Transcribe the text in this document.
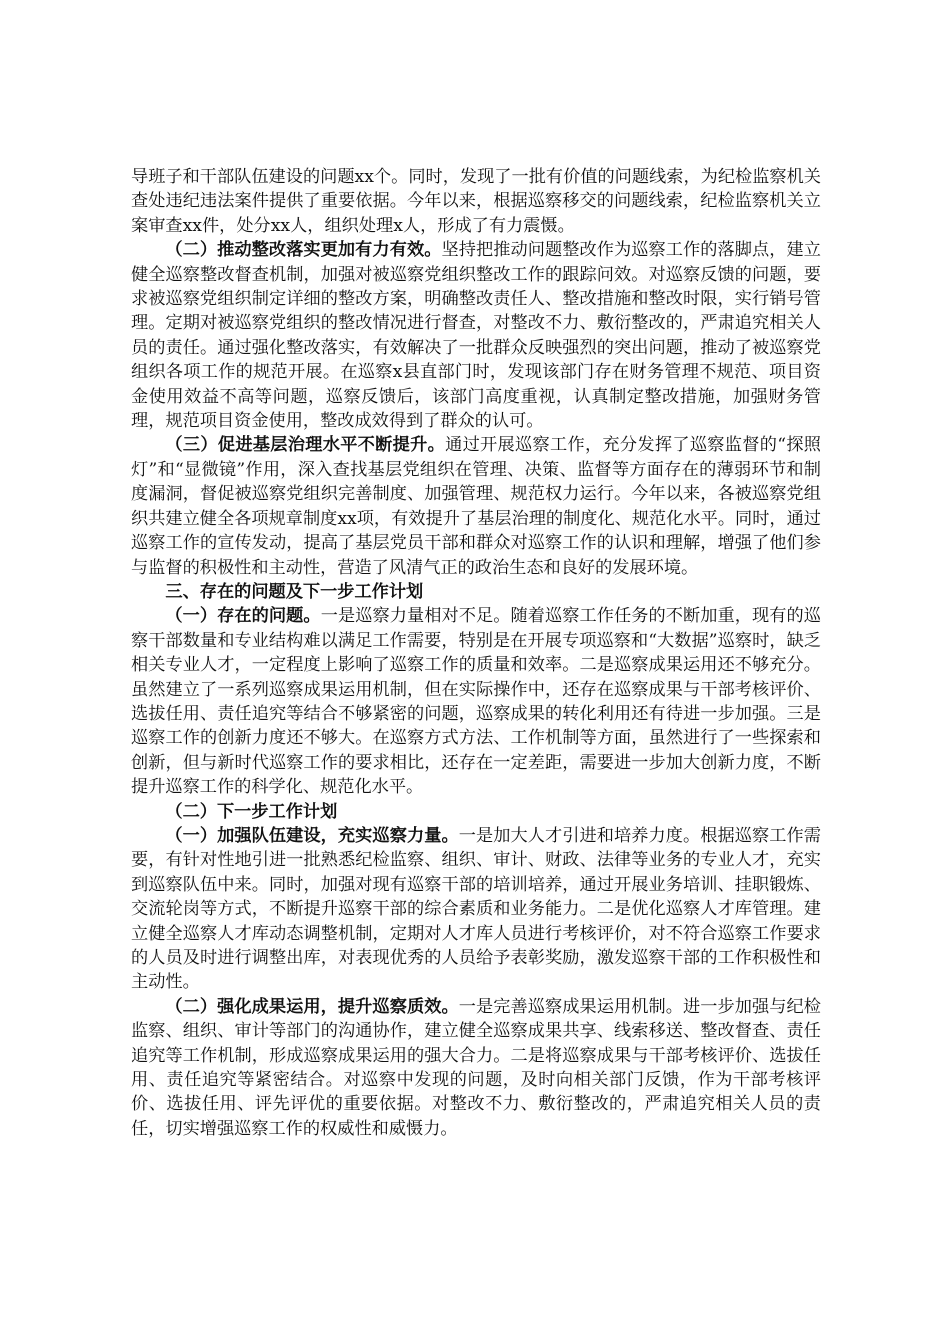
导班子和干部队伍建设的问题xx个。同时，发现了一批有价值的问题线索，为纪检监察机关查处违纪违法案件提供了重要依据。今年以来，根据巡察移交的问题线索，纪检监察机关立案审查xx件，处分xx人，组织处理x人，形成了有力震慑。

（二）推动整改落实更加有力有效。坚持把推动问题整改作为巡察工作的落脚点，建立健全巡察整改督查机制，加强对被巡察党组织整改工作的跟踪问效。对巡察反馈的问题，要求被巡察党组织制定详细的整改方案，明确整改责任人、整改措施和整改时限，实行销号管理。定期对被巡察党组织的整改情况进行督查，对整改不力、敷衍整改的，严肃追究相关人员的责任。通过强化整改落实，有效解决了一批群众反映强烈的突出问题，推动了被巡察党组织各项工作的规范开展。在巡察x县直部门时，发现该部门存在财务管理不规范、项目资金使用效益不高等问题，巡察反馈后，该部门高度重视，认真制定整改措施，加强财务管理，规范项目资金使用，整改成效得到了群众的认可。

（三）促进基层治理水平不断提升。通过开展巡察工作，充分发挥了巡察监督的“探照灯”和“显微镜”作用，深入查找基层党组织在管理、决策、监督等方面存在的薄弱环节和制度漏洞，督促被巡察党组织完善制度、加强管理、规范权力运行。今年以来，各被巡察党组织共建立健全各项规章制度xx项，有效提升了基层治理的制度化、规范化水平。同时，通过巡察工作的宣传发动，提高了基层党员干部和群众对巡察工作的认识和理解，增强了他们参与监督的积极性和主动性，营造了风清气正的政治生态和良好的发展环境。

三、存在的问题及下一步工作计划

（一）存在的问题。一是巡察力量相对不足。随着巡察工作任务的不断加重，现有的巡察干部数量和专业结构难以满足工作需要，特别是在开展专项巡察和“大数据”巡察时，缺乏相关专业人才，一定程度上影响了巡察工作的质量和效率。二是巡察成果运用还不够充分。虽然建立了一系列巡察成果运用机制，但在实际操作中，还存在巡察成果与干部考核评价、选拔任用、责任追究等结合不够紧密的问题，巡察成果的转化利用还有待进一步加强。三是巡察工作的创新力度还不够大。在巡察方式方法、工作机制等方面，虽然进行了一些探索和创新，但与新时代巡察工作的要求相比，还存在一定差距，需要进一步加大创新力度，不断提升巡察工作的科学化、规范化水平。

（二）下一步工作计划

（一）加强队伍建设，充实巡察力量。一是加大人才引进和培养力度。根据巡察工作需要，有针对性地引进一批熟悉纪检监察、组织、审计、财政、法律等业务的专业人才，充实到巡察队伍中来。同时，加强对现有巡察干部的培训培养，通过开展业务培训、挂职锻炼、交流轮岗等方式，不断提升巡察干部的综合素质和业务能力。二是优化巡察人才库管理。建立健全巡察人才库动态调整机制，定期对人才库人员进行考核评价，对不符合巡察工作要求的人员及时进行调整出库，对表现优秀的人员给予表彰奖励，激发巡察干部的工作积极性和主动性。

（二）强化成果运用，提升巡察质效。一是完善巡察成果运用机制。进一步加强与纪检监察、组织、审计等部门的沟通协作，建立健全巡察成果共享、线索移送、整改督查、责任追究等工作机制，形成巡察成果运用的强大合力。二是将巡察成果与干部考核评价、选拔任用、责任追究等紧密结合。对巡察中发现的问题，及时向相关部门反馈，作为干部考核评价、选拔任用、评先评优的重要依据。对整改不力、敷衍整改的，严肃追究相关人员的责任，切实增强巡察工作的权威性和威慑力。
